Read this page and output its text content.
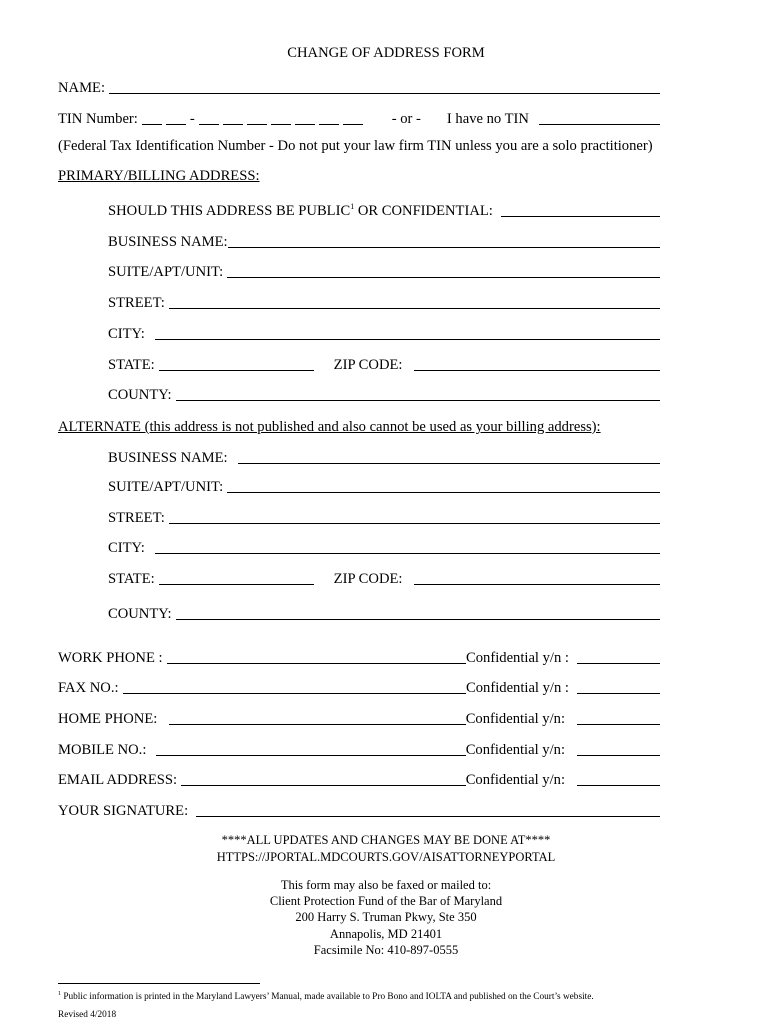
CHANGE OF ADDRESS FORM
NAME:
TIN Number:	-	- or - I have no TIN
(Federal Tax Identification Number - Do not put your law firm TIN unless you are a solo practitioner)
PRIMARY/BILLING ADDRESS:
SHOULD THIS ADDRESS BE PUBLIC$^1$ OR CONFIDENTIAL:
BUSINESS NAME:
SUITE/APT/UNIT:
STREET:
CITY:
STATE:	ZIP CODE:
COUNTY:
ALTERNATE (this address is not published and also cannot be used as your billing address):
BUSINESS NAME:
SUITE/APT/UNIT:
STREET:
CITY:
STATE:	ZIP CODE:
COUNTY:
WORK PHONE :	Confidential y/n :
FAX NO.:	Confidential y/n :
HOME PHONE:	Confidential y/n:
MOBILE NO.:	Confidential y/n:
EMAIL ADDRESS:	Confidential y/n:
YOUR SIGNATURE:
****ALL UPDATES AND CHANGES MAY BE DONE AT****
HTTPS://JPORTAL.MDCOURTS.GOV/AISATTORNEYPORTAL
This form may also be faxed or mailed to:
Client Protection Fund of the Bar of Maryland
200 Harry S. Truman Pkwy, Ste 350
Annapolis, MD 21401
Facsimile No: 410-897-0555
$^1$ Public information is printed in the Maryland Lawyers’ Manual, made available to Pro Bono and IOLTA and published on the Court’s website.
Revised 4/2018
